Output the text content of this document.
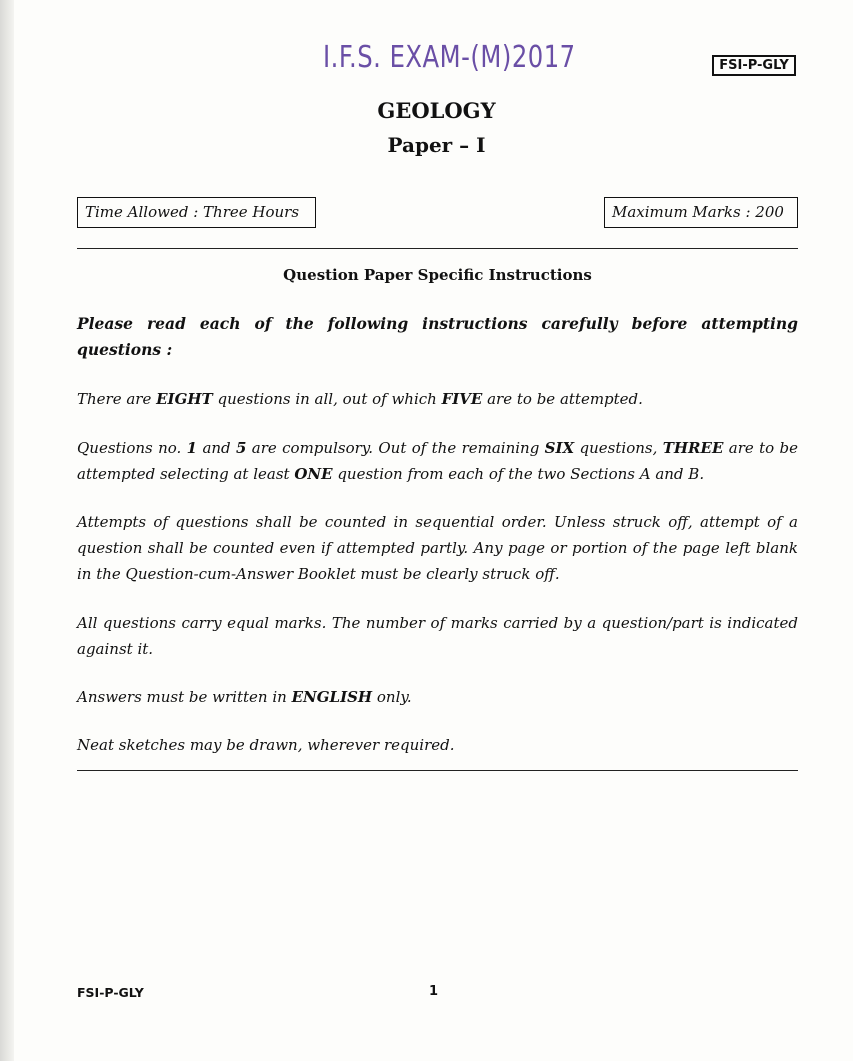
I.F.S. EXAM-(M)2017	FSI-P-GLY
GEOLOGY
Paper – I
Time Allowed : Three Hours	Maximum Marks : 200
Question Paper Specific Instructions

Please read each of the following instructions carefully before attempting questions :

There are EIGHT questions in all, out of which FIVE are to be attempted.

Questions no. 1 and 5 are compulsory. Out of the remaining SIX questions, THREE are to be attempted selecting at least ONE question from each of the two Sections A and B.

Attempts of questions shall be counted in sequential order. Unless struck off, attempt of a question shall be counted even if attempted partly. Any page or portion of the page left blank in the Question-cum-Answer Booklet must be clearly struck off.

All questions carry equal marks. The number of marks carried by a question/part is indicated against it.

Answers must be written in ENGLISH only.

Neat sketches may be drawn, wherever required.

FSI-P-GLY	1
